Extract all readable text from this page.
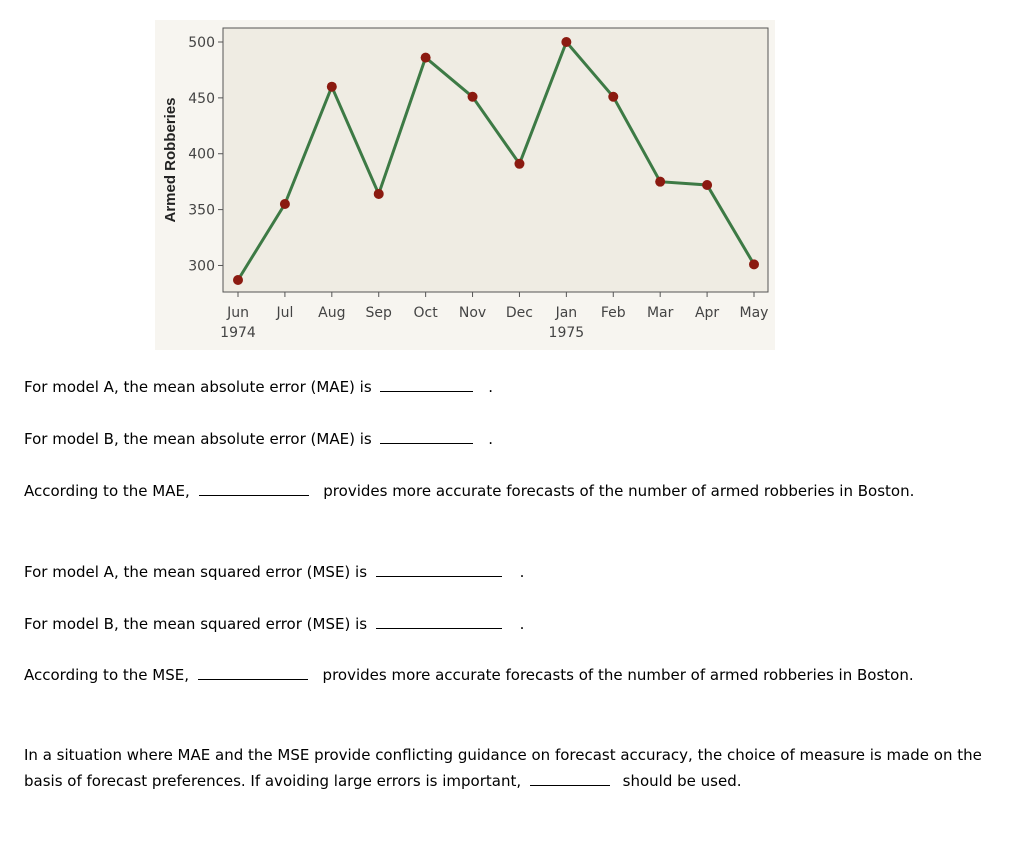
Armed Robberies
300
350
400
450
500
Jun Jul Aug Sep Oct Nov Dec Jan Feb Mar Apr May
1974	1975
For model A, the mean absolute error (MAE) is	.
For model B, the mean absolute error (MAE) is	.
According to the MAE,	provides more accurate forecasts of the number of armed robberies in Boston.
For model A, the mean squared error (MSE) is	.
For model B, the mean squared error (MSE) is	.
According to the MSE,	provides more accurate forecasts of the number of armed robberies in Boston.
In a situation where MAE and the MSE provide conflicting guidance on forecast accuracy, the choice of measure is made on the basis of forecast preferences. If avoiding large errors is important,	should be used.
